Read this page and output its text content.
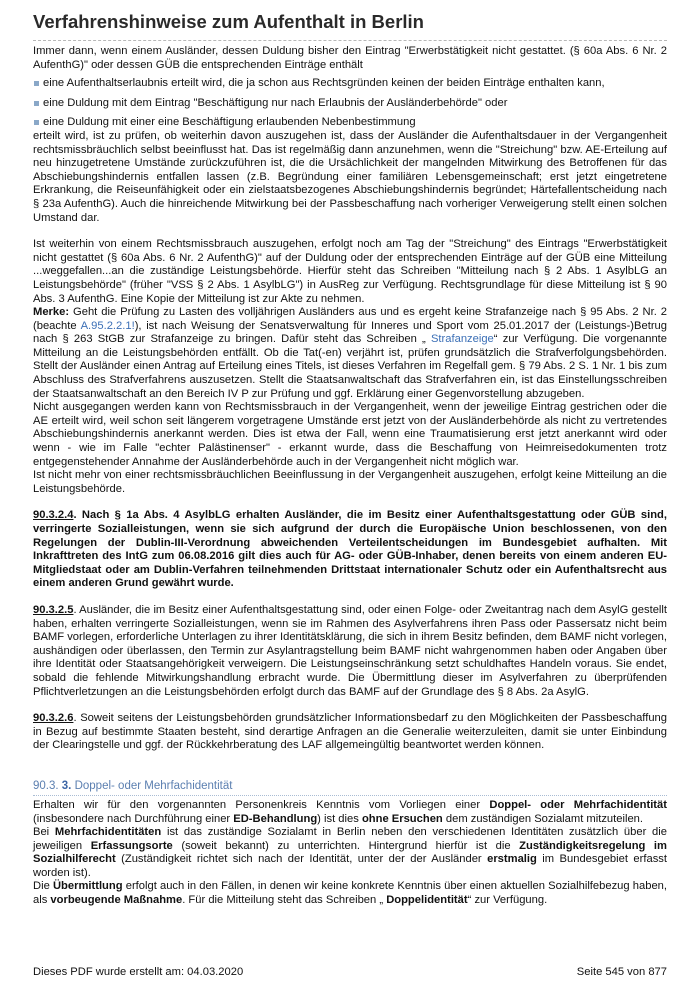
Verfahrenshinweise zum Aufenthalt in Berlin

Immer dann, wenn einem Ausländer, dessen Duldung bisher den Eintrag "Erwerbstätigkeit nicht gestattet. (§ 60a Abs. 6 Nr. 2 AufenthG)" oder dessen GÜB die entsprechenden Einträge enthält

eine Aufenthaltserlaubnis erteilt wird, die ja schon aus Rechtsgründen keinen der beiden Einträge enthalten kann,
eine Duldung mit dem Eintrag "Beschäftigung nur nach Erlaubnis der Ausländerbehörde" oder
eine Duldung mit einer eine Beschäftigung erlaubenden Nebenbestimmung

erteilt wird, ist zu prüfen, ob weiterhin davon auszugehen ist, dass der Ausländer die Aufenthaltsdauer in der Vergangenheit rechtsmissbräuchlich selbst beeinflusst hat. Das ist regelmäßig dann anzunehmen, wenn die "Streichung" bzw. AE-Erteilung auf neu hinzugetretene Umstände zurückzuführen ist, die die Ursächlichkeit der mangelnden Mitwirkung des Betroffenen für das Abschiebungshindernis entfallen lassen (z.B. Begründung einer familiären Lebensgemeinschaft; erst jetzt eingetretene Erkrankung, die Reiseunfähigkeit oder ein zielstaatsbezogenes Abschiebungshindernis begründet; Härtefallentscheidung nach § 23a AufenthG). Auch die hinreichende Mitwirkung bei der Passbeschaffung nach vorheriger Verweigerung stellt einen solchen Umstand dar.

Ist weiterhin von einem Rechtsmissbrauch auszugehen, erfolgt noch am Tag der "Streichung" des Eintrags "Erwerbstätigkeit nicht gestattet (§ 60a Abs. 6 Nr. 2 AufenthG)" auf der Duldung oder der entsprechenden Einträge auf der GÜB eine Mitteilung ...weggefallen...an die zuständige Leistungsbehörde. Hierfür steht das Schreiben "Mitteilung nach § 2 Abs. 1 AsylbLG an Leistungsbehörde" (früher "VSS § 2 Abs. 1 AsylbLG") in AusReg zur Verfügung. Rechtsgrundlage für diese Mitteilung ist § 90 Abs. 3 AufenthG. Eine Kopie der Mitteilung ist zur Akte zu nehmen.

Merke: Geht die Prüfung zu Lasten des volljährigen Ausländers aus und es ergeht keine Strafanzeige nach § 95 Abs. 2 Nr. 2 (beachte A.95.2.2.1!), ist nach Weisung der Senatsverwaltung für Inneres und Sport vom 25.01.2017 der (Leistungs-)Betrug nach § 263 StGB zur Strafanzeige zu bringen. Dafür steht das Schreiben „ Strafanzeige“ zur Verfügung. Die vorgenannte Mitteilung an die Leistungsbehörden entfällt. Ob die Tat(-en) verjährt ist, prüfen grundsätzlich die Strafverfolgungsbehörden. Stellt der Ausländer einen Antrag auf Erteilung eines Titels, ist dieses Verfahren im Regelfall gem. § 79 Abs. 2 S. 1 Nr. 1 bis zum Abschluss des Strafverfahrens auszusetzen. Stellt die Staatsanwaltschaft das Strafverfahren ein, ist das Einstellungsschreiben der Staatsanwaltschaft an den Bereich IV P zur Prüfung und ggf. Erklärung einer Gegenvorstellung abzugeben.

Nicht ausgegangen werden kann von Rechtsmissbrauch in der Vergangenheit, wenn der jeweilige Eintrag gestrichen oder die AE erteilt wird, weil schon seit längerem vorgetragene Umstände erst jetzt von der Ausländerbehörde als nicht zu vertretendes Abschiebungshindernis anerkannt werden. Dies ist etwa der Fall, wenn eine Traumatisierung erst jetzt anerkannt wird oder wenn - wie im Falle "echter Palästinenser" - erkannt wurde, dass die Beschaffung von Heimreisedokumenten trotz entgegenstehender Annahme der Ausländerbehörde auch in der Vergangenheit nicht möglich war.

Ist nicht mehr von einer rechtsmissbräuchlichen Beeinflussung in der Vergangenheit auszugehen, erfolgt keine Mitteilung an die Leistungsbehörde.

90.3.2.4. Nach § 1a Abs. 4 AsylbLG erhalten Ausländer, die im Besitz einer Aufenthaltsgestattung oder GÜB sind, verringerte Sozialleistungen, wenn sie sich aufgrund der durch die Europäische Union beschlossenen, von den Regelungen der Dublin-III-Verordnung abweichenden Verteilentscheidungen im Bundesgebiet aufhalten. Mit Inkrafttreten des IntG zum 06.08.2016 gilt dies auch für AG- oder GÜB-Inhaber, denen bereits von einem anderen EU-Mitgliedstaat oder am Dublin-Verfahren teilnehmenden Drittstaat internationaler Schutz oder ein Aufenthaltsrecht aus einem anderen Grund gewährt wurde.

90.3.2.5. Ausländer, die im Besitz einer Aufenthaltsgestattung sind, oder einen Folge- oder Zweitantrag nach dem AsylG gestellt haben, erhalten verringerte Sozialleistungen, wenn sie im Rahmen des Asylverfahrens ihren Pass oder Passersatz nicht beim BAMF vorlegen, erforderliche Unterlagen zu ihrer Identitätsklärung, die sich in ihrem Besitz befinden, dem BAMF nicht vorlegen, aushändigen oder überlassen, den Termin zur Asylantragstellung beim BAMF nicht wahrgenommen haben oder Angaben über ihre Identität oder Staatsangehörigkeit verweigern. Die Leistungseinschränkung setzt schuldhaftes Handeln voraus. Sie endet, sobald die fehlende Mitwirkungshandlung erbracht wurde. Die Übermittlung dieser im Asylverfahren zu überprüfenden Pflichtverletzungen an die Leistungsbehörden erfolgt durch das BAMF auf der Grundlage des § 8 Abs. 2a AsylG.

90.3.2.6. Soweit seitens der Leistungsbehörden grundsätzlicher Informationsbedarf zu den Möglichkeiten der Passbeschaffung in Bezug auf bestimmte Staaten besteht, sind derartige Anfragen an die Generalie weiterzuleiten, damit sie unter Einbindung der Clearingstelle und ggf. der Rückkehrberatung des LAF allgemeingültig beantwortet werden können.

90.3. 3. Doppel- oder Mehrfachidentität

Erhalten wir für den vorgenannten Personenkreis Kenntnis vom Vorliegen einer Doppel- oder Mehrfachidentität (insbesondere nach Durchführung einer ED-Behandlung) ist dies ohne Ersuchen dem zuständigen Sozialamt mitzuteilen.

Bei Mehrfachidentitäten ist das zuständige Sozialamt in Berlin neben den verschiedenen Identitäten zusätzlich über die jeweiligen Erfassungsorte (soweit bekannt) zu unterrichten. Hintergrund hierfür ist die Zuständigkeitsregelung im Sozialhilferecht (Zuständigkeit richtet sich nach der Identität, unter der der Ausländer erstmalig im Bundesgebiet erfasst worden ist).

Die Übermittlung erfolgt auch in den Fällen, in denen wir keine konkrete Kenntnis über einen aktuellen Sozialhilfebezug haben, als vorbeugende Maßnahme. Für die Mitteilung steht das Schreiben „ Doppelidentität“ zur Verfügung.

Dieses PDF wurde erstellt am: 04.03.2020	Seite 545 von 877
